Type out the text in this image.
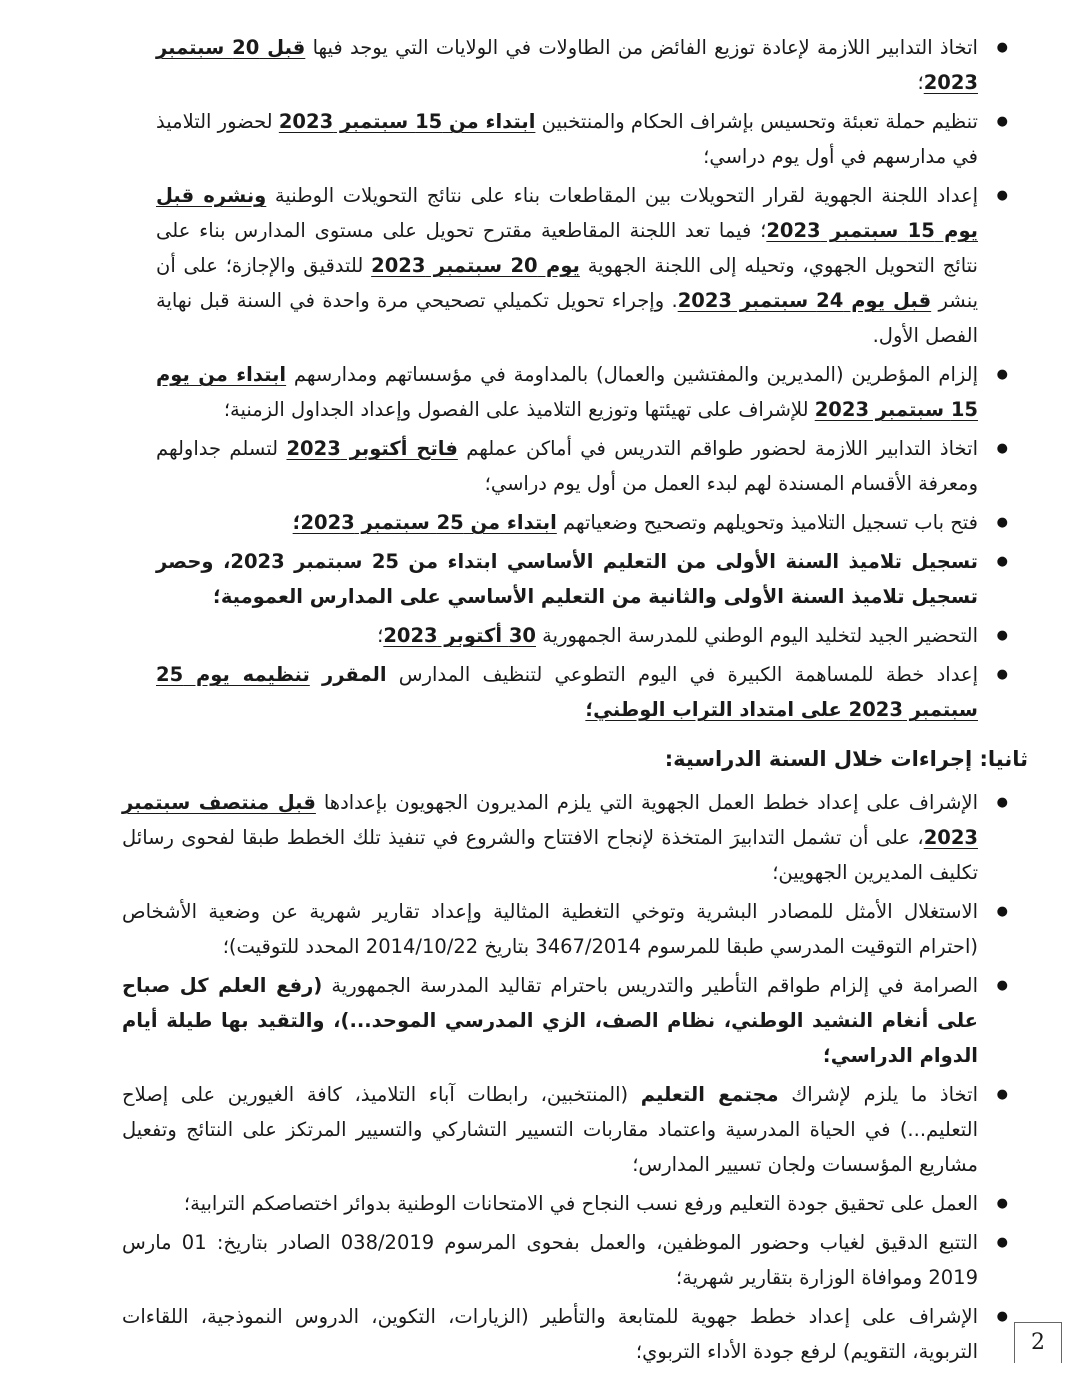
● اتخاذ التدابير اللازمة لإعادة توزيع الفائض من الطاولات في الولايات التي يوجد فيها قبل 20 سبتمبر 2023؛
● تنظيم حملة تعبئة وتحسيس بإشراف الحكام والمنتخبين ابتداء من 15 سبتمبر 2023 لحضور التلاميذ في مدارسهم في أول يوم دراسي؛
● إعداد اللجنة الجهوية لقرار التحويلات بين المقاطعات بناء على نتائج التحويلات الوطنية ونشره قبل يوم 15 سبتمبر 2023؛ فيما تعد اللجنة المقاطعية مقترح تحويل على مستوى المدارس بناء على نتائج التحويل الجهوي، وتحيله إلى اللجنة الجهوية يوم 20 سبتمبر 2023 للتدقيق والإجازة؛ على أن ينشر قبل يوم 24 سبتمبر 2023. وإجراء تحويل تكميلي تصحيحي مرة واحدة في السنة قبل نهاية الفصل الأول.
● إلزام المؤطرين (المديرين والمفتشين والعمال) بالمداومة في مؤسساتهم ومدارسهم ابتداء من يوم 15 سبتمبر 2023 للإشراف على تهيئتها وتوزيع التلاميذ على الفصول وإعداد الجداول الزمنية؛
● اتخاذ التدابير اللازمة لحضور طواقم التدريس في أماكن عملهم فاتح أكتوبر 2023 لتسلم جداولهم ومعرفة الأقسام المسندة لهم لبدء العمل من أول يوم دراسي؛
● فتح باب تسجيل التلاميذ وتحويلهم وتصحيح وضعياتهم ابتداء من 25 سبتمبر 2023؛
● تسجيل تلاميذ السنة الأولى من التعليم الأساسي ابتداء من 25 سبتمبر 2023، وحصر تسجيل تلاميذ السنة الأولى والثانية من التعليم الأساسي على المدارس العمومية؛
● التحضير الجيد لتخليد اليوم الوطني للمدرسة الجمهورية 30 أكتوبر 2023؛
● إعداد خطة للمساهمة الكبيرة في اليوم التطوعي لتنظيف المدارس المقرر تنظيمه يوم 25 سبتمبر 2023 على امتداد التراب الوطني؛
ثانيا: إجراءات خلال السنة الدراسية:
● الإشراف على إعداد خطط العمل الجهوية التي يلزم المديرون الجهويون بإعدادها قبل منتصف سبتمبر 2023، على أن تشمل التدابيرَ المتخذة لإنجاح الافتتاح والشروع في تنفيذ تلك الخطط طبقا لفحوى رسائل تكليف المديرين الجهويين؛
● الاستغلال الأمثل للمصادر البشرية وتوخي التغطية المثالية وإعداد تقارير شهرية عن وضعية الأشخاص (احترام التوقيت المدرسي طبقا للمرسوم 3467/2014 بتاريخ 2014/10/22 المحدد للتوقيت)؛
● الصرامة في إلزام طواقم التأطير والتدريس باحترام تقاليد المدرسة الجمهورية (رفع العلم كل صباح على أنغام النشيد الوطني، نظام الصف، الزي المدرسي الموحد...)، والتقيد بها طيلة أيام الدوام الدراسي؛
● اتخاذ ما يلزم لإشراك مجتمع التعليم (المنتخبين، رابطات آباء التلاميذ، كافة الغيورين على إصلاح التعليم...) في الحياة المدرسية واعتماد مقاربات التسيير التشاركي والتسيير المرتكز على النتائج وتفعيل مشاريع المؤسسات ولجان تسيير المدارس؛
● العمل على تحقيق جودة التعليم ورفع نسب النجاح في الامتحانات الوطنية بدوائر اختصاصكم الترابية؛
● التتبع الدقيق لغياب وحضور الموظفين، والعمل بفحوى المرسوم 038/2019 الصادر بتاريخ: 01 مارس 2019 وموافاة الوزارة بتقارير شهرية؛
● الإشراف على إعداد خطط جهوية للمتابعة والتأطير (الزيارات، التكوين، الدروس النموذجية، اللقاءات التربوية، التقويم) لرفع جودة الأداء التربوي؛	2
